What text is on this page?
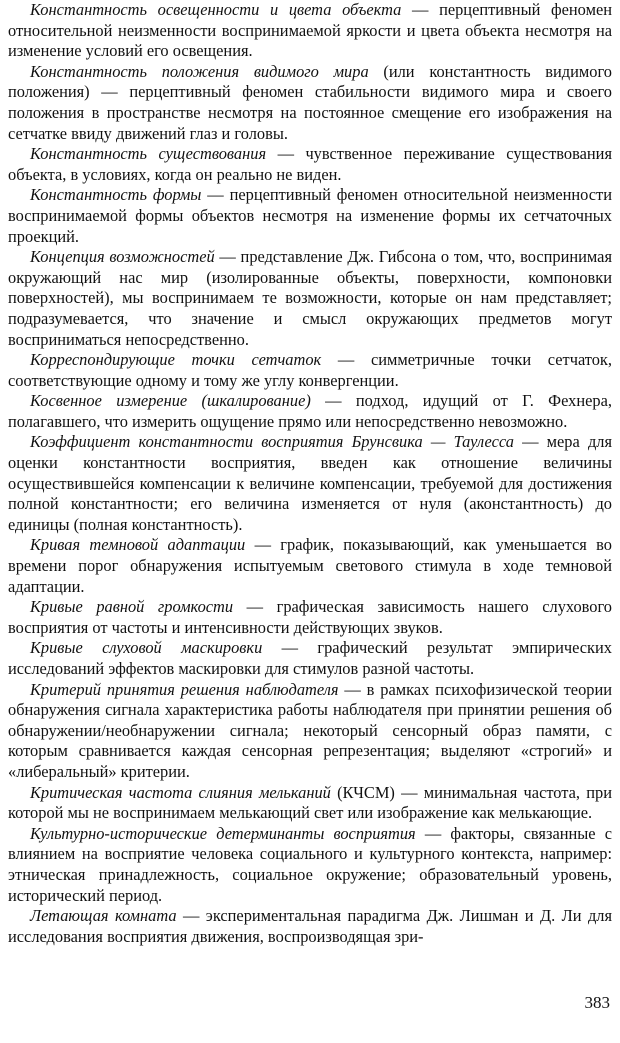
Константность освещенности и цвета объекта — перцептивный феномен относительной неизменности воспринимаемой яркости и цвета объекта несмотря на изменение условий его освещения.

Константность положения видимого мира (или константность видимого положения) — перцептивный феномен стабильности видимого мира и своего положения в пространстве несмотря на постоянное смещение его изображения на сетчатке ввиду движений глаз и головы.

Константность существования — чувственное переживание существования объекта, в условиях, когда он реально не виден.

Константность формы — перцептивный феномен относительной неизменности воспринимаемой формы объектов несмотря на изменение формы их сетчаточных проекций.

Концепция возможностей — представление Дж. Гибсона о том, что, воспринимая окружающий нас мир (изолированные объекты, поверхности, компоновки поверхностей), мы воспринимаем те возможности, которые он нам представляет; подразумевается, что значение и смысл окружающих предметов могут восприниматься непосредственно.

Корреспондирующие точки сетчаток — симметричные точки сетчаток, соответствующие одному и тому же углу конвергенции.

Косвенное измерение (шкалирование) — подход, идущий от Г. Фехнера, полагавшего, что измерить ощущение прямо или непосредственно невозможно.

Коэффициент константности восприятия Брунсвика — Таулесса — мера для оценки константности восприятия, введен как отношение величины осуществившейся компенсации к величине компенсации, требуемой для достижения полной константности; его величина изменяется от нуля (аконстантность) до единицы (полная константность).

Кривая темновой адаптации — график, показывающий, как уменьшается во времени порог обнаружения испытуемым светового стимула в ходе темновой адаптации.

Кривые равной громкости — графическая зависимость нашего слухового восприятия от частоты и интенсивности действующих звуков.

Кривые слуховой маскировки — графический результат эмпирических исследований эффектов маскировки для стимулов разной частоты.

Критерий принятия решения наблюдателя — в рамках психофизической теории обнаружения сигнала характеристика работы наблюдателя при принятии решения об обнаружении/необнаружении сигнала; некоторый сенсорный образ памяти, с которым сравнивается каждая сенсорная репрезентация; выделяют «строгий» и «либеральный» критерии.

Критическая частота слияния мельканий (КЧСМ) — минимальная частота, при которой мы не воспринимаем мелькающий свет или изображение как мелькающие.

Культурно-исторические детерминанты восприятия — факторы, связанные с влиянием на восприятие человека социального и культурного контекста, например: этническая принадлежность, социальное окружение; образовательный уровень, исторический период.

Летающая комната — экспериментальная парадигма Дж. Лишман и Д. Ли для исследования восприятия движения, воспроизводящая зри-

383
